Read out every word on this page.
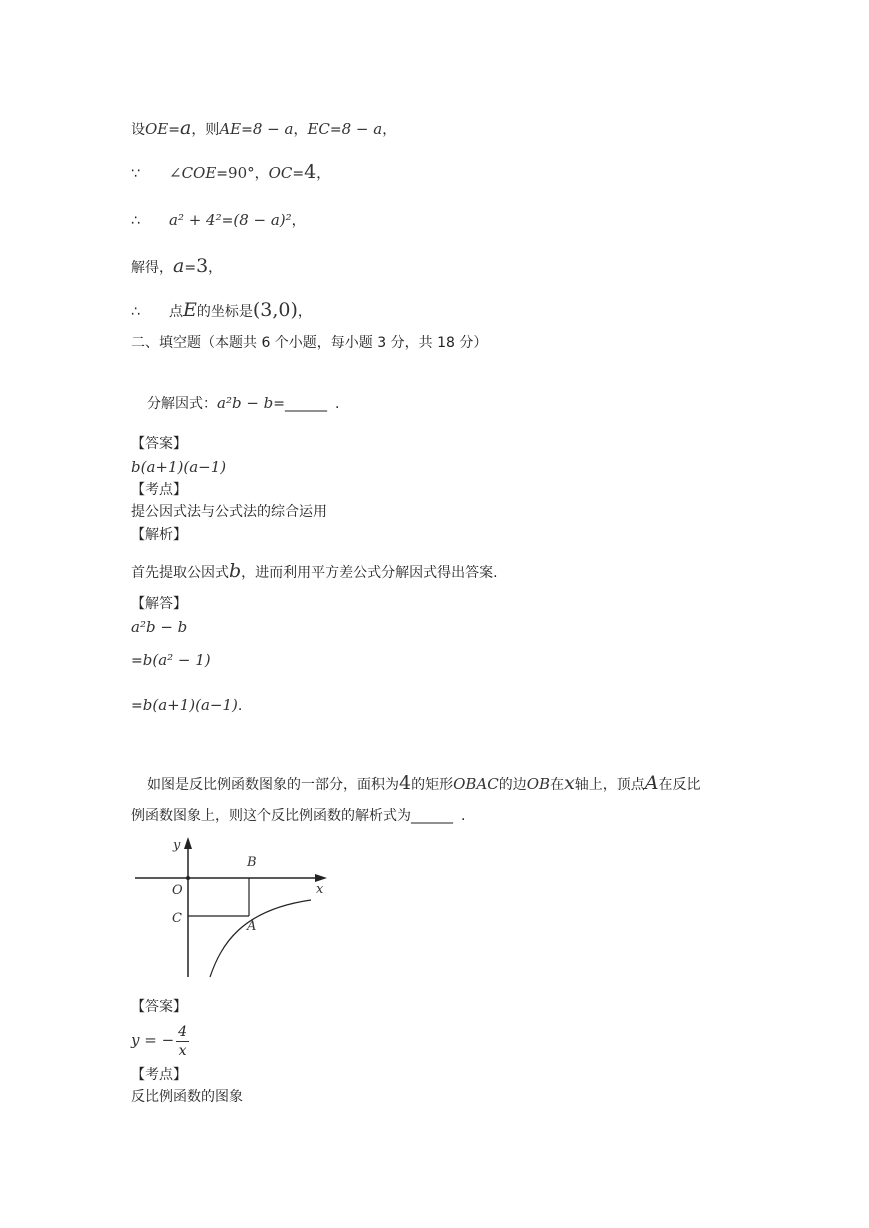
设OE=a，则AE=8 − a，EC=8 − a，
∵ ∠COE=90°，OC=4，
∴ a² + 4²=(8 − a)²，
解得，a=3，
∴ 点E的坐标是(3,0)，
二、填空题（本题共 6 个小题，每小题 3 分，共 18 分）
分解因式：a²b − b=______ .
【答案】
b(a+1)(a−1)
【考点】
提公因式法与公式法的综合运用
【解析】
首先提取公因式b，进而利用平方差公式分解因式得出答案.
【解答】
a²b − b
=b(a² − 1)
=b(a+1)(a−1).
如图是反比例函数图象的一部分，面积为4的矩形OBAC的边OB在x轴上，顶点A在反比
例函数图象上，则这个反比例函数的解析式为______ .
y
x
O
B
C
A
【答案】
y = − $\frac{4}{x}$
【考点】
反比例函数的图象
